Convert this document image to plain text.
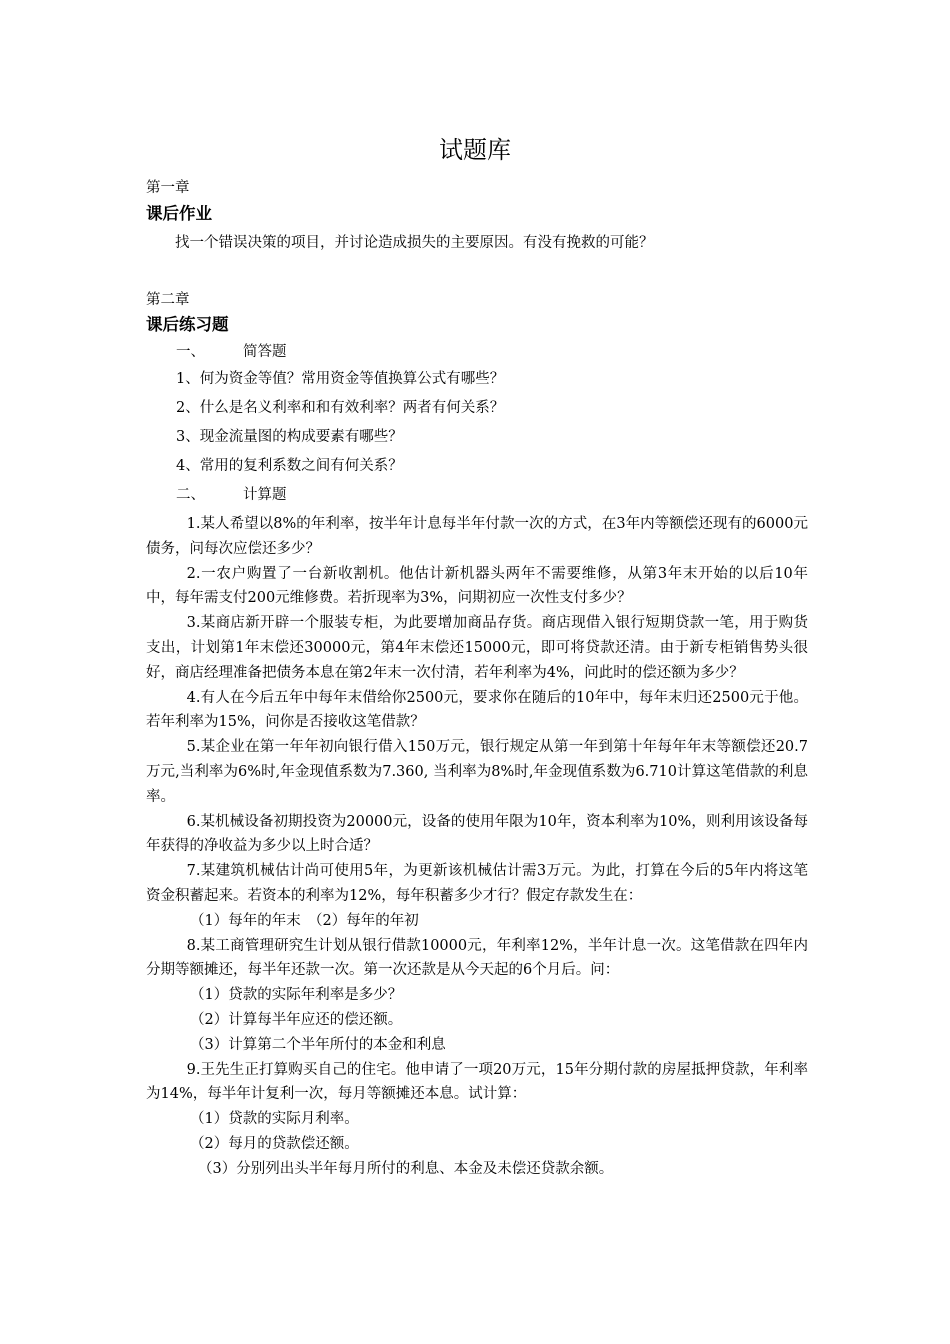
试题库

第一章

课后作业

找一个错误决策的项目，并讨论造成损失的主要原因。有没有挽救的可能？

第二章

课后练习题

一、	简答题

1、何为资金等值？常用资金等值换算公式有哪些？

2、什么是名义利率和和有效利率？两者有何关系？

3、现金流量图的构成要素有哪些？

4、常用的复利系数之间有何关系？

二、	计算题

1.某人希望以8%的年利率，按半年计息每半年付款一次的方式，在3年内等额偿还现有的6000元债务，问每次应偿还多少？

2.一农户购置了一台新收割机。他估计新机器头两年不需要维修，从第3年末开始的以后10年中，每年需支付200元维修费。若折现率为3%，问期初应一次性支付多少？

3.某商店新开辟一个服装专柜，为此要增加商品存货。商店现借入银行短期贷款一笔，用于购货支出，计划第1年末偿还30000元，第4年末偿还15000元，即可将贷款还清。由于新专柜销售势头很好，商店经理准备把债务本息在第2年末一次付清，若年利率为4%，问此时的偿还额为多少？

4.有人在今后五年中每年末借给你2500元，要求你在随后的10年中，每年末归还2500元于他。若年利率为15%，问你是否接收这笔借款？

5.某企业在第一年年初向银行借入150万元，银行规定从第一年到第十年每年年末等额偿还20.7万元,当利率为6%时,年金现值系数为7.360, 当利率为8%时,年金现值系数为6.710计算这笔借款的利息率。

6.某机械设备初期投资为20000元，设备的使用年限为10年，资本利率为10%，则利用该设备每年获得的净收益为多少以上时合适？

7.某建筑机械估计尚可使用5年，为更新该机械估计需3万元。为此，打算在今后的5年内将这笔资金积蓄起来。若资本的利率为12%，每年积蓄多少才行？假定存款发生在：

（1）每年的年末　（2）每年的年初

8.某工商管理研究生计划从银行借款10000元，年利率12%，半年计息一次。这笔借款在四年内分期等额摊还，每半年还款一次。第一次还款是从今天起的6个月后。问：

（1）贷款的实际年利率是多少？

（2）计算每半年应还的偿还额。

（3）计算第二个半年所付的本金和利息

9.王先生正打算购买自己的住宅。他申请了一项20万元，15年分期付款的房屋抵押贷款，年利率为14%，每半年计复利一次，每月等额摊还本息。试计算：

（1）贷款的实际月利率。

（2）每月的贷款偿还额。

（3）分别列出头半年每月所付的利息、本金及未偿还贷款余额。
